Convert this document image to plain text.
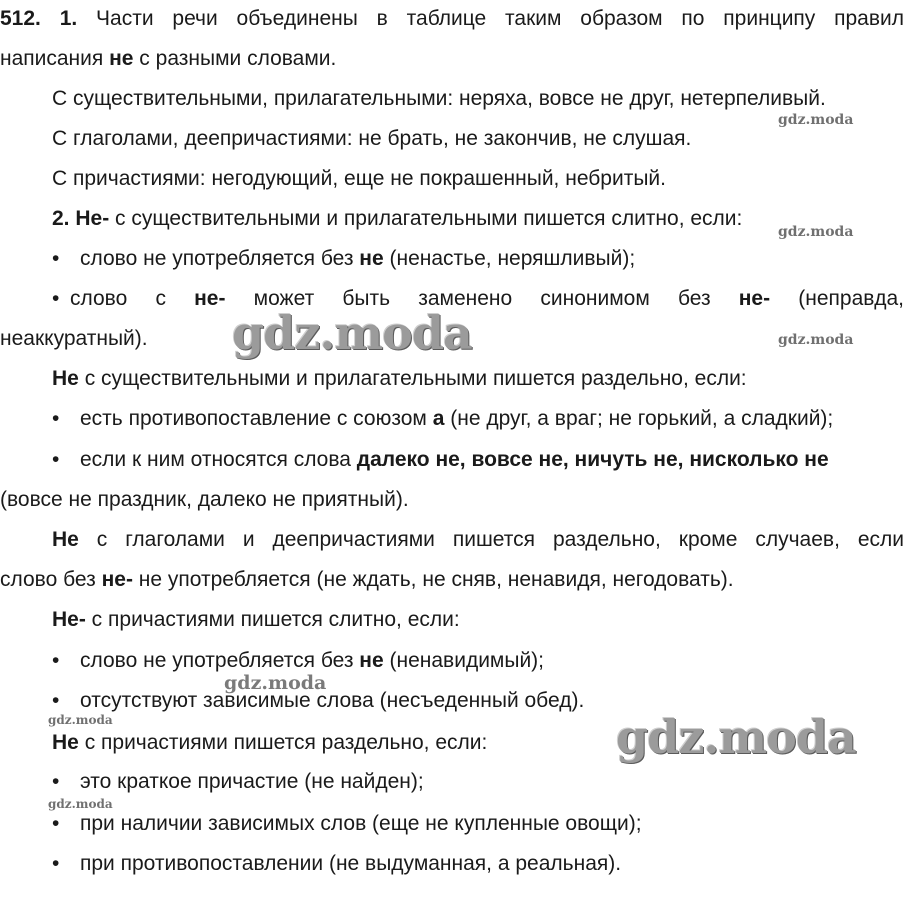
512. 1. Части речи объединены в таблице таким образом по принципу правил
написания не с разными словами.
С существительными, прилагательными: неряха, вовсе не друг, нетерпеливый.
С глаголами, деепричастиями: не брать, не закончив, не слушая.
С причастиями: негодующий, еще не покрашенный, небритый.
2. Не- с существительными и прилагательными пишется слитно, если:
• слово не употребляется без не (ненастье, неряшливый);
• слово с не- может быть заменено синонимом без не- (неправда,
неаккуратный).
Не с существительными и прилагательными пишется раздельно, если:
• есть противопоставление с союзом а (не друг, а враг; не горький, а сладкий);
• если к ним относятся слова далеко не, вовсе не, ничуть не, нисколько не
(вовсе не праздник, далеко не приятный).
Не с глаголами и деепричастиями пишется раздельно, кроме случаев, если
слово без не- не употребляется (не ждать, не сняв, ненавидя, негодовать).
Не- с причастиями пишется слитно, если:
• слово не употребляется без не (ненавидимый);
• отсутствуют зависимые слова (несъеденный обед).
Не с причастиями пишется раздельно, если:
• это краткое причастие (не найден);
• при наличии зависимых слов (еще не купленные овощи);
• при противопоставлении (не выдуманная, а реальная).
gdz.moda
gdz.moda
gdz.moda
gdz.moda
gdz.moda
gdz.moda	gdz.moda
gdz.moda
